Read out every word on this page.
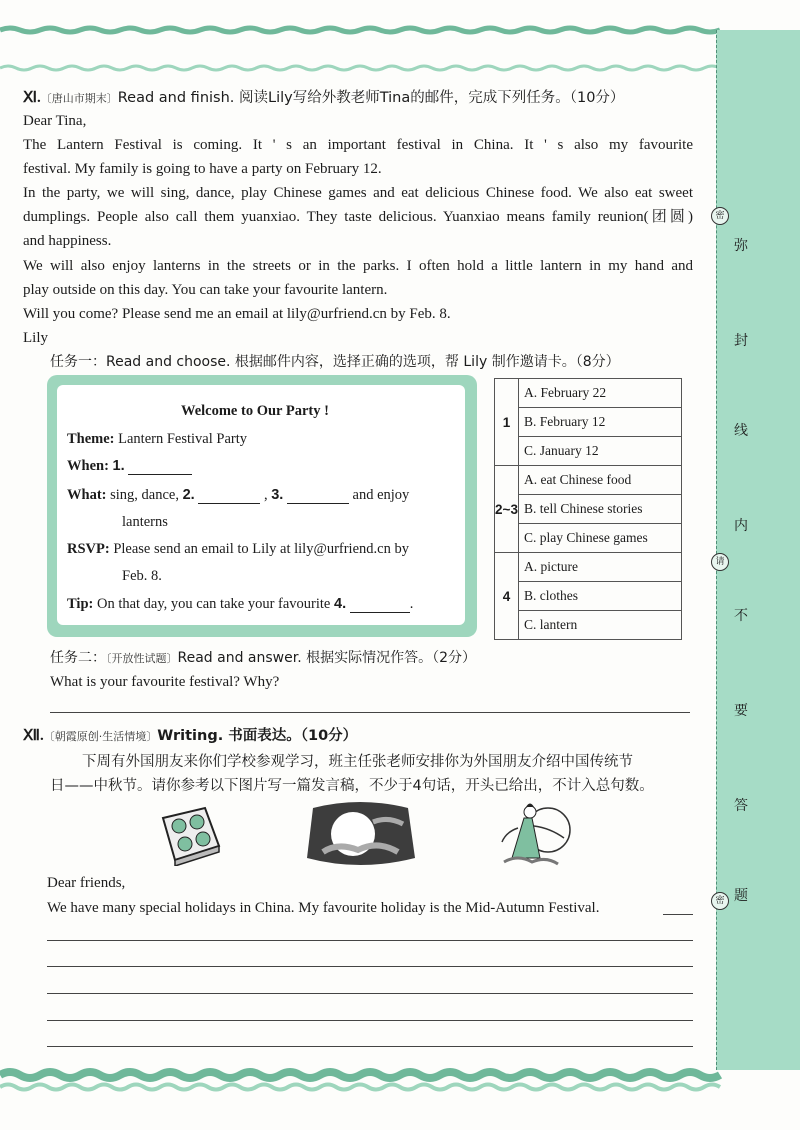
弥
封
线
内
不
要
答
题
密
请
密
Ⅺ.〔唐山市期末〕Read and finish. 阅读Lily写给外教老师Tina的邮件，完成下列任务。（10分）
Dear Tina,
The Lantern Festival is coming. It ' s an important festival in China. It ' s also my favourite
festival. My family is going to have a party on February 12.
In the party, we will sing, dance, play Chinese games and eat delicious Chinese food. We also eat sweet
dumplings. People also call them yuanxiao. They taste delicious. Yuanxiao means family reunion(团圆)
and happiness.
We will also enjoy lanterns in the streets or in the parks. I often hold a little lantern in my hand and
play outside on this day. You can take your favourite lantern.
Will you come? Please send me an email at lily@urfriend.cn by Feb. 8.
Lily
任务一：Read and choose. 根据邮件内容，选择正确的选项，帮 Lily 制作邀请卡。（8分）
Welcome to Our Party !
Theme: Lantern Festival Party
When: 1.
What: sing, dance, 2.	, 3.	and enjoy
lanterns
RSVP: Please send an email to Lily at lily@urfriend.cn by
Feb. 8.
Tip: On that day, you can take your favourite 4.	.
1	A. February 22
	B. February 12
	C. January 12
2~3	A. eat Chinese food
	B. tell Chinese stories
	C. play Chinese games
4	A. picture
	B. clothes
	C. lantern
任务二：〔开放性试题〕Read and answer. 根据实际情况作答。（2分）
What is your favourite festival? Why?
Ⅻ.〔朝霞原创·生活情境〕Writing. 书面表达。（10分）
下周有外国朋友来你们学校参观学习，班主任张老师安排你为外国朋友介绍中国传统节
日——中秋节。请你参考以下图片写一篇发言稿，不少于4句话，开头已给出，不计入总句数。
Dear friends,
We have many special holidays in China. My favourite holiday is the Mid-Autumn Festival.
